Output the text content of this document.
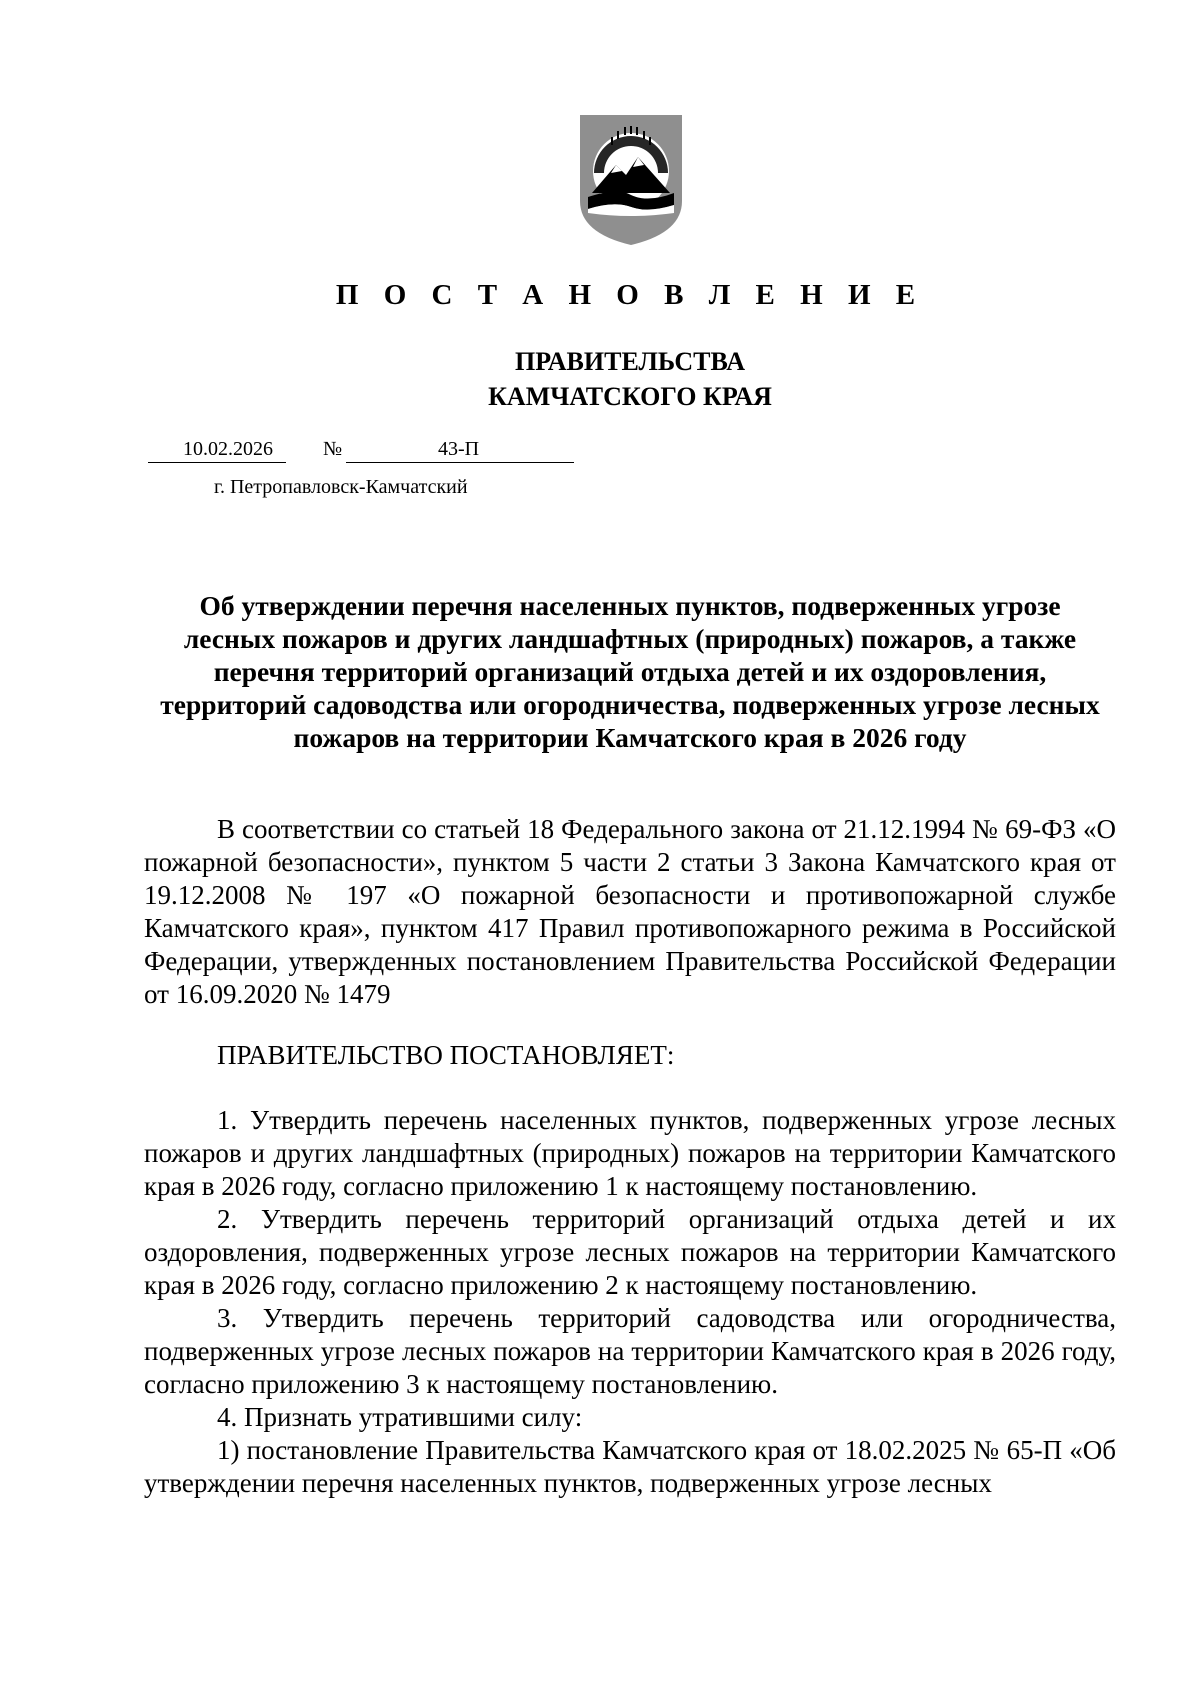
П О С Т А Н О В Л Е Н И Е
ПРАВИТЕЛЬСТВА
КАМЧАТСКОГО КРАЯ
10.02.2026	№	43-П
г. Петропавловск-Камчатский
Об утверждении перечня населенных пунктов, подверженных угрозе
лесных пожаров и других ландшафтных (природных) пожаров, а также
перечня территорий организаций отдыха детей и их оздоровления,
территорий садоводства или огородничества, подверженных угрозе лесных
пожаров на территории Камчатского края в 2026 году

В соответствии со статьей 18 Федерального закона от 21.12.1994 № 69-ФЗ «О пожарной безопасности», пунктом 5 части 2 статьи 3 Закона Камчатского края от 19.12.2008 № 197 «О пожарной безопасности и противопожарной службе Камчатского края», пунктом 417 Правил противопожарного режима в Российской Федерации, утвержденных постановлением Правительства Российской Федерации от 16.09.2020 № 1479

ПРАВИТЕЛЬСТВО ПОСТАНОВЛЯЕТ:

1. Утвердить перечень населенных пунктов, подверженных угрозе лесных пожаров и других ландшафтных (природных) пожаров на территории Камчатского края в 2026 году, согласно приложению 1 к настоящему постановлению.

2. Утвердить перечень территорий организаций отдыха детей и их оздоровления, подверженных угрозе лесных пожаров на территории Камчатского края в 2026 году, согласно приложению 2 к настоящему постановлению.

3. Утвердить перечень территорий садоводства или огородничества, подверженных угрозе лесных пожаров на территории Камчатского края в 2026 году, согласно приложению 3 к настоящему постановлению.

4. Признать утратившими силу:

1) постановление Правительства Камчатского края от 18.02.2025 № 65-П «Об утверждении перечня населенных пунктов, подверженных угрозе лесных
